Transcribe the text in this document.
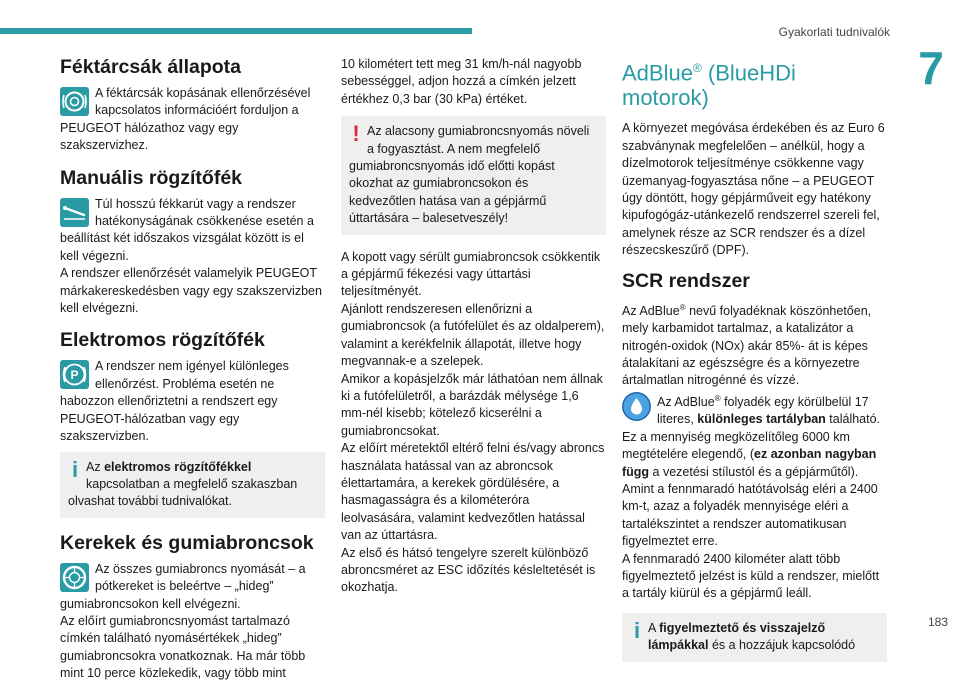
Gyakorlati tudnivalók
7
183
Féktárcsák állapota

A féktárcsák kopásának ellenőrzésével kapcsolatos információért forduljon a PEUGEOT hálózathoz vagy egy szakszervizhez.

Manuális rögzítőfék

Túl hosszú fékkarút vagy a rendszer hatékonyságának csökkenése esetén a beállítást két időszakos vizsgálat között is el kell végezni.

A rendszer ellenőrzését valamelyik PEUGEOT márkakereskedésben vagy egy szakszervizben kell elvégezni.

Elektromos rögzítőfék
P

A rendszer nem igényel különleges ellenőrzést. Probléma esetén ne habozzon ellenőriztetni a rendszert egy PEUGEOT-hálózatban vagy egy szakszervizben.

i Az elektromos rögzítőfékkel kapcsolatban a megfelelő szakaszban olvashat további tudnivalókat.

Kerekek és gumiabroncsok

Az összes gumiabroncs nyomását – a pótkereket is beleértve – „hideg” gumiabroncsokon kell elvégezni.

Az előírt gumiabroncsnyomást tartalmazó címkén található nyomásértékek „hideg” gumiabroncsokra vonatkoznak. Ha már több mint 10 perce közlekedik, vagy több mint

10 kilométert tett meg 31 km/h-nál nagyobb sebességgel, adjon hozzá a címkén jelzett értékhez 0,3 bar (30 kPa) értéket.

! Az alacsony gumiabroncsnyomás növeli a fogyasztást. A nem megfelelő gumiabroncsnyomás idő előtti kopást okozhat az gumiabroncsokon és kedvezőtlen hatása van a gépjármű úttartására – balesetveszély!

A kopott vagy sérült gumiabroncsok csökkentik a gépjármű fékezési vagy úttartási teljesítményét.

Ajánlott rendszeresen ellenőrizni a gumiabroncsok (a futófelület és az oldalperem), valamint a kerékfelnik állapotát, illetve hogy megvannak-e a szelepek.

Amikor a kopásjelzők már láthatóan nem állnak ki a futófelületről, a barázdák mélysége 1,6 mm-nél kisebb; kötelező kicserélni a gumiabroncsokat.

Az előírt méretektől eltérő felni és/vagy abroncs használata hatással van az abroncsok élettartamára, a kerekek gördülésére, a hasmagasságra és a kilométeróra leolvasására, valamint kedvezőtlen hatással van az úttartásra.

Az első és hátsó tengelyre szerelt különböző abroncsméret az ESC időzítés késleltetését is okozhatja.

AdBlue® (BlueHDi motorok)

A környezet megóvása érdekében és az Euro 6 szabványnak megfelelően – anélkül, hogy a dízelmotorok teljesítménye csökkenne vagy üzemanyag-fogyasztása nőne – a PEUGEOT úgy döntött, hogy gépjárműveit egy hatékony kipufogógáz-utánkezelő rendszerrel szereli fel, amelynek része az SCR rendszer és a dízel részecskeszűrő (DPF).

SCR rendszer

Az AdBlue® nevű folyadéknak köszönhetően, mely karbamidot tartalmaz, a katalizátor a nitrogén-oxidok (NOx) akár 85%- át is képes átalakítani az egészségre és a környezetre ártalmatlan nitrogénné és vízzé.

Az AdBlue® folyadék egy körülbelül 17 literes, különleges tartályban található.

Ez a mennyiség megközelítőleg 6000 km megtételére elegendő, (ez azonban nagyban függ a vezetési stílustól és a gépjárműtől).

Amint a fennmaradó hatótávolság eléri a 2400 km-t, azaz a folyadék mennyisége eléri a tartalékszintet a rendszer automatikusan figyelmeztet erre.

A fennmaradó 2400 kilométer alatt több figyelmeztető jelzést is küld a rendszer, mielőtt a tartály kiürül és a gépjármű leáll.

i A figyelmeztető és visszajelző lámpákkal és a hozzájuk kapcsolódó
